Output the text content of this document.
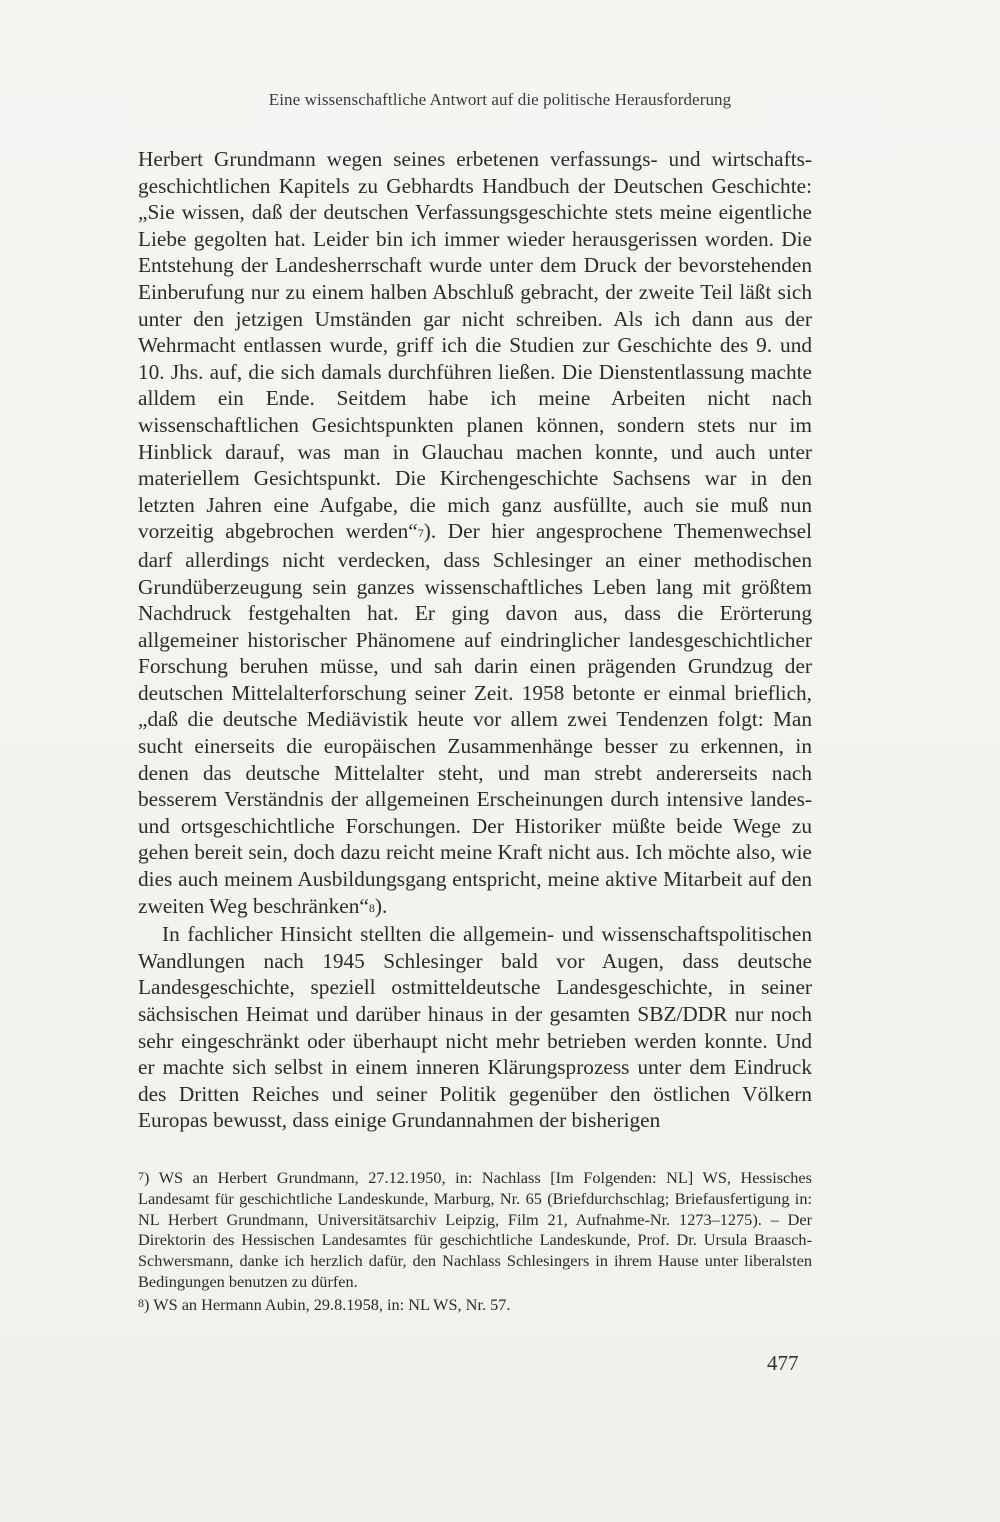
Eine wissenschaftliche Antwort auf die politische Herausforderung

Herbert Grundmann wegen seines erbetenen verfassungs- und wirtschaftsgeschichtlichen Kapitels zu Gebhardts Handbuch der Deutschen Geschichte: „Sie wissen, daß der deutschen Verfassungsgeschichte stets meine eigentliche Liebe gegolten hat. Leider bin ich immer wieder herausgerissen worden. Die Entstehung der Landesherrschaft wurde unter dem Druck der bevorstehenden Einberufung nur zu einem halben Abschluß gebracht, der zweite Teil läßt sich unter den jetzigen Umständen gar nicht schreiben. Als ich dann aus der Wehrmacht entlassen wurde, griff ich die Studien zur Geschichte des 9. und 10. Jhs. auf, die sich damals durchführen ließen. Die Dienstentlassung machte alldem ein Ende. Seitdem habe ich meine Arbeiten nicht nach wissenschaftlichen Gesichtspunkten planen können, sondern stets nur im Hinblick darauf, was man in Glauchau machen konnte, und auch unter materiellem Gesichtspunkt. Die Kirchengeschichte Sachsens war in den letzten Jahren eine Aufgabe, die mich ganz ausfüllte, auch sie muß nun vorzeitig abgebrochen werden“7). Der hier angesprochene Themenwechsel darf allerdings nicht verdecken, dass Schlesinger an einer methodischen Grundüberzeugung sein ganzes wissenschaftliches Leben lang mit größtem Nachdruck festgehalten hat. Er ging davon aus, dass die Erörterung allgemeiner historischer Phänomene auf eindringlicher landesgeschichtlicher Forschung beruhen müsse, und sah darin einen prägenden Grundzug der deutschen Mittelalterforschung seiner Zeit. 1958 betonte er einmal brieflich, „daß die deutsche Mediävistik heute vor allem zwei Tendenzen folgt: Man sucht einerseits die europäischen Zusammenhänge besser zu erkennen, in denen das deutsche Mittelalter steht, und man strebt andererseits nach besserem Verständnis der allgemeinen Erscheinungen durch intensive landes- und ortsgeschichtliche Forschungen. Der Historiker müßte beide Wege zu gehen bereit sein, doch dazu reicht meine Kraft nicht aus. Ich möchte also, wie dies auch meinem Ausbildungsgang entspricht, meine aktive Mitarbeit auf den zweiten Weg beschränken“8).

In fachlicher Hinsicht stellten die allgemein- und wissenschaftspolitischen Wandlungen nach 1945 Schlesinger bald vor Augen, dass deutsche Landesgeschichte, speziell ostmitteldeutsche Landesgeschichte, in seiner sächsischen Heimat und darüber hinaus in der gesamten SBZ/DDR nur noch sehr eingeschränkt oder überhaupt nicht mehr betrieben werden konnte. Und er machte sich selbst in einem inneren Klärungsprozess unter dem Eindruck des Dritten Reiches und seiner Politik gegenüber den östlichen Völkern Europas bewusst, dass einige Grundannahmen der bisherigen

7) WS an Herbert Grundmann, 27.12.1950, in: Nachlass [Im Folgenden: NL] WS, Hessisches Landesamt für geschichtliche Landeskunde, Marburg, Nr. 65 (Briefdurchschlag; Briefausfertigung in: NL Herbert Grundmann, Universitätsarchiv Leipzig, Film 21, Aufnahme-Nr. 1273–1275). – Der Direktorin des Hessischen Landesamtes für geschichtliche Landeskunde, Prof. Dr. Ursula Braasch-Schwersmann, danke ich herzlich dafür, den Nachlass Schlesingers in ihrem Hause unter liberalsten Bedingungen benutzen zu dürfen.

8) WS an Hermann Aubin, 29.8.1958, in: NL WS, Nr. 57.

477
